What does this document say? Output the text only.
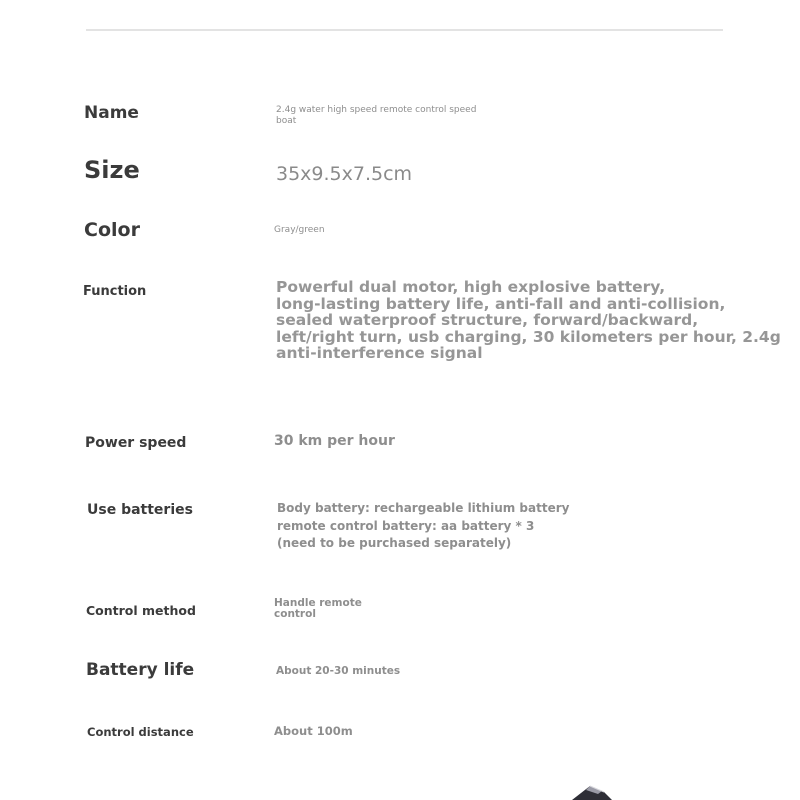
Name	2.4g water high speed remote control speed
boat
Size	35x9.5x7.5cm
Color	Gray/green
Function	Powerful dual motor, high explosive battery,
long-lasting battery life, anti-fall and anti-collision,
sealed waterproof structure, forward/backward,
left/right turn, usb charging, 30 kilometers per hour, 2.4g
anti-interference signal
Power speed	30 km per hour
Use batteries	Body battery: rechargeable lithium battery
remote control battery: aa battery * 3
(need to be purchased separately)
Control method	Handle remote
control
Battery life	About 20-30 minutes
Control distance	About 100m
